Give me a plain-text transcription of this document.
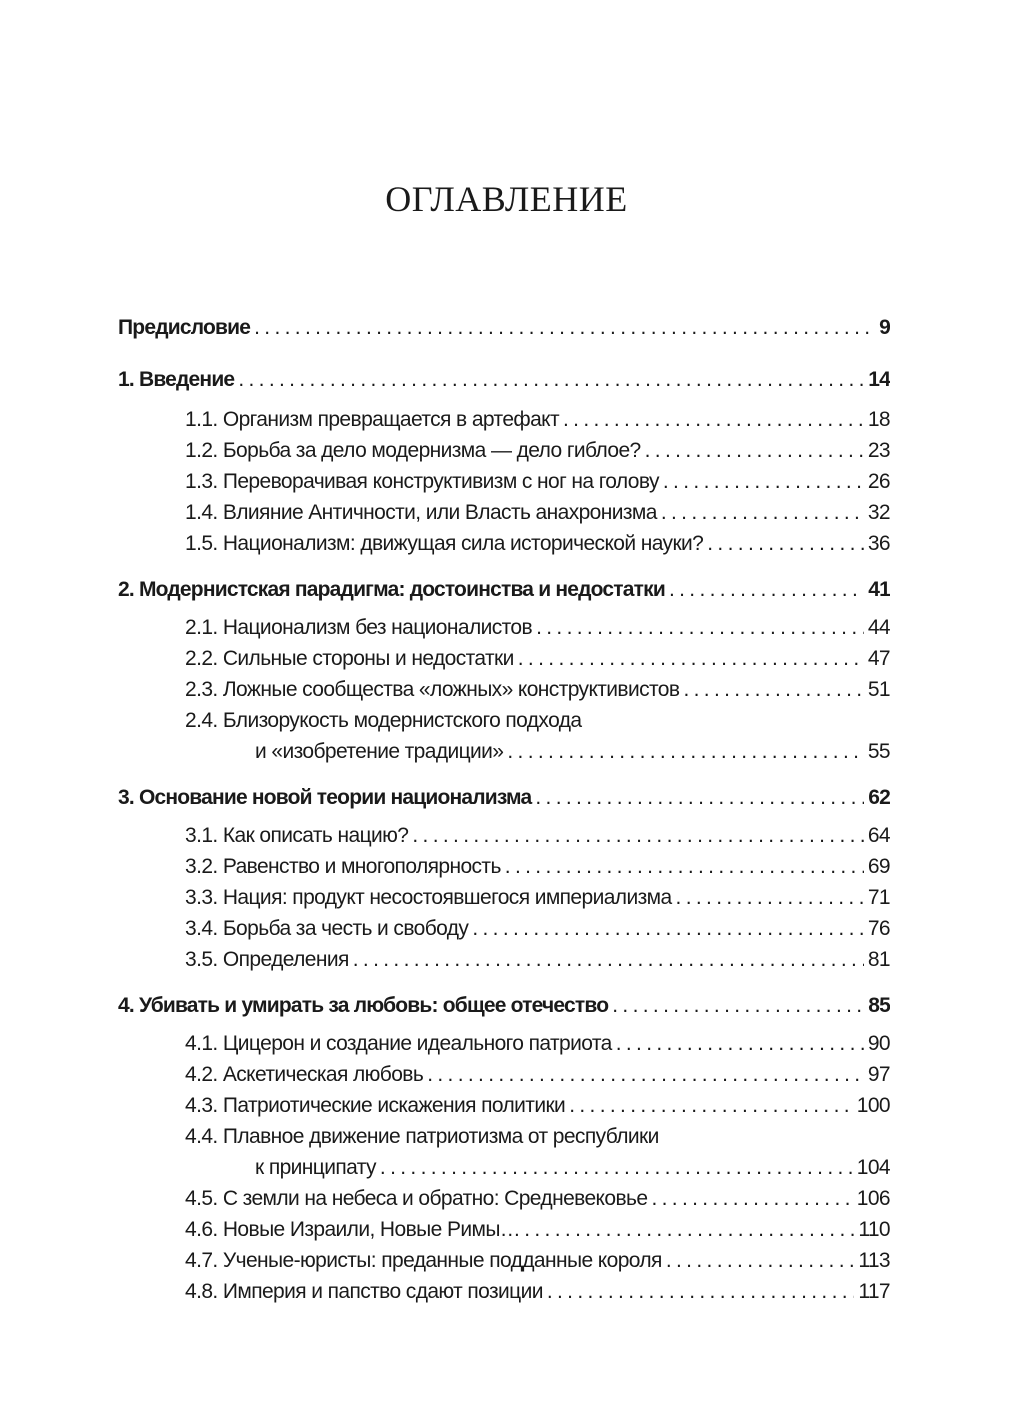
ОГЛАВЛЕНИЕ
Предисловие . . .	9
1. Введение . . .	14
1.1. Организм превращается в артефакт . . .	18
1.2. Борьба за дело модернизма — дело гиблое? . . .	23
1.3. Переворачивая конструктивизм с ног на голову . . .	26
1.4. Влияние Античности, или Власть анахронизма . . .	32
1.5. Национализм: движущая сила исторической науки? . . .	36
2. Модернистская парадигма: достоинства и недостатки . . .	41
2.1. Национализм без националистов . . .	44
2.2. Сильные стороны и недостатки . . .	47
2.3. Ложные сообщества «ложных» конструктивистов . . .	51
2.4. Близорукость модернистского подхода
и «изобретение традиции» . . .	55
3. Основание новой теории национализма . . .	62
3.1. Как описать нацию? . . .	64
3.2. Равенство и многополярность . . .	69
3.3. Нация: продукт несостоявшегося империализма . . .	71
3.4. Борьба за честь и свободу . . .	76
3.5. Определения . . .	81
4. Убивать и умирать за любовь: общее отечество . . .	85
4.1. Цицерон и создание идеального патриота . . .	90
4.2. Аскетическая любовь . . .	97
4.3. Патриотические искажения политики . . .	100
4.4. Плавное движение патриотизма от республики
к принципату . . .	104
4.5. С земли на небеса и обратно: Средневековье . . .	106
4.6. Новые Израили, Новые Римы… . . .	110
4.7. Ученые-юристы: преданные подданные короля . . .	113
4.8. Империя и папство сдают позиции . . .	117
